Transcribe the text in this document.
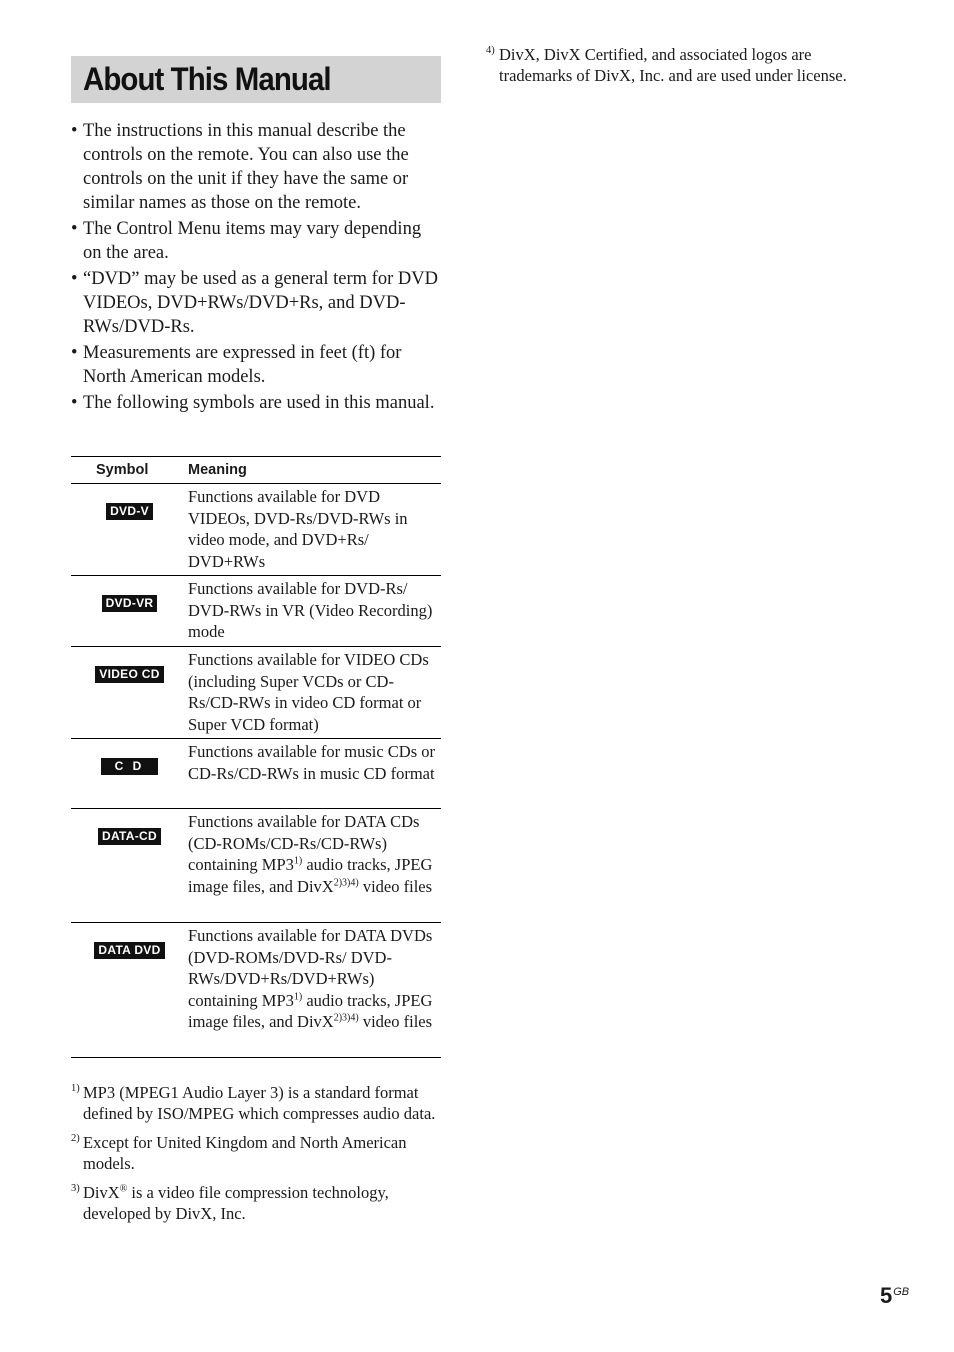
About This Manual
• The instructions in this manual describe the controls on the remote. You can also use the controls on the unit if they have the same or similar names as those on the remote.
• The Control Menu items may vary depending on the area.
• “DVD” may be used as a general term for DVD VIDEOs, DVD+RWs/DVD+Rs, and DVD-RWs/DVD-Rs.
• Measurements are expressed in feet (ft) for North American models.
• The following symbols are used in this manual.
Symbol	Meaning
DVD-V
Functions available for DVD VIDEOs, DVD-Rs/DVD-RWs in video mode, and DVD+Rs/ DVD+RWs
DVD-VR
Functions available for DVD-Rs/ DVD-RWs in VR (Video Recording) mode
VIDEO CD
Functions available for VIDEO CDs (including Super VCDs or CD-Rs/CD-RWs in video CD format or Super VCD format)
C D
Functions available for music CDs or CD-Rs/CD-RWs in music CD format
DATA-CD
Functions available for DATA CDs (CD-ROMs/CD-Rs/CD-RWs) containing MP3$^{1)}$ audio tracks, JPEG image files, and DivX$^{2)3)4)}$ video files
DATA DVD
Functions available for DATA DVDs (DVD-ROMs/DVD-Rs/ DVD-RWs/DVD+Rs/DVD+RWs) containing MP3$^{1)}$ audio tracks, JPEG image files, and DivX$^{2)3)4)}$ video files
1) MP3 (MPEG1 Audio Layer 3) is a standard format defined by ISO/MPEG which compresses audio data.
2) Except for United Kingdom and North American models.
3) DivX® is a video file compression technology, developed by DivX, Inc.
4) DivX, DivX Certified, and associated logos are trademarks of DivX, Inc. and are used under license.
$5^{GB}$
